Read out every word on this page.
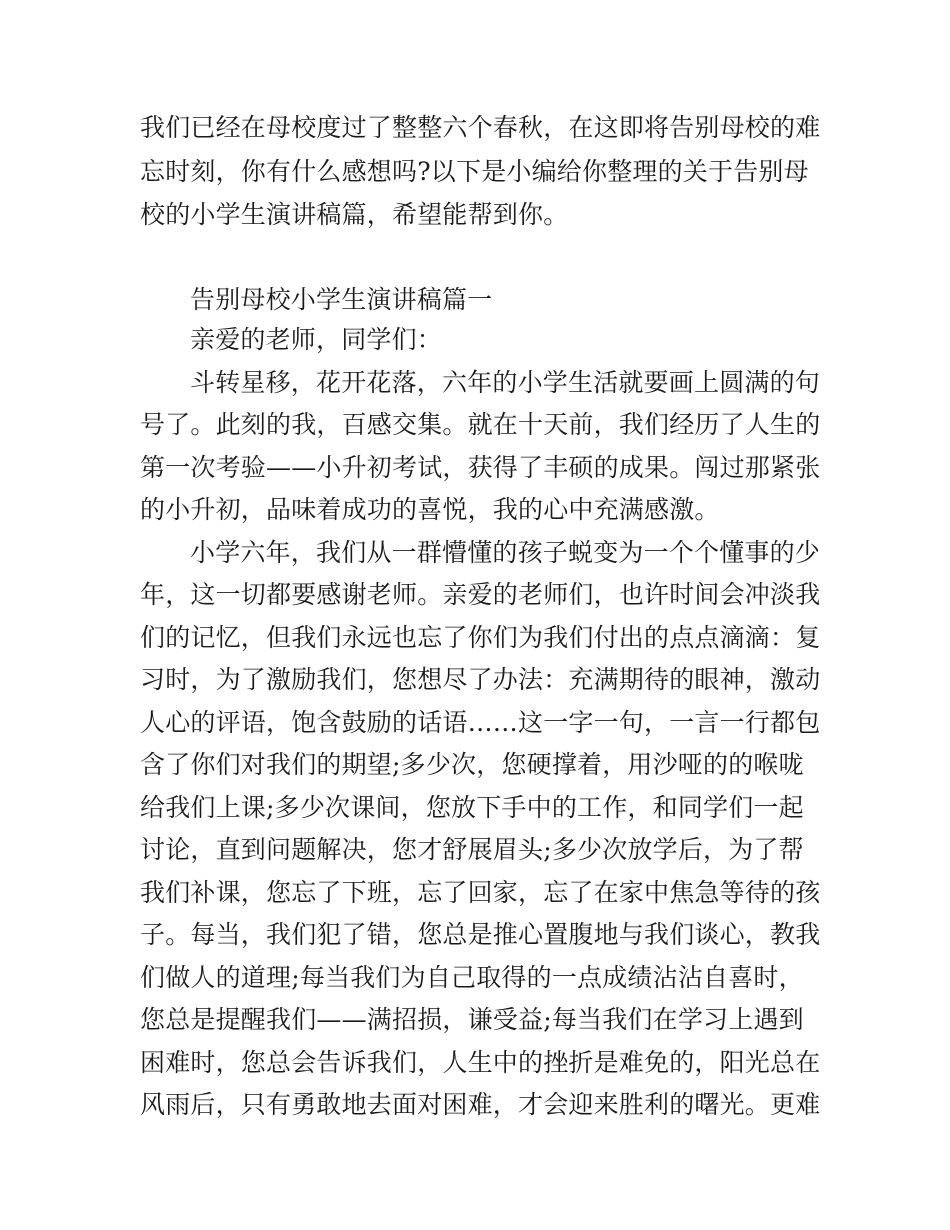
我们已经在母校度过了整整六个春秋，在这即将告别母校的难
忘时刻，你有什么感想吗?以下是小编给你整理的关于告别母
校的小学生演讲稿篇，希望能帮到你。
告别母校小学生演讲稿篇一
亲爱的老师，同学们：
斗转星移，花开花落，六年的小学生活就要画上圆满的句
号了。此刻的我，百感交集。就在十天前，我们经历了人生的
第一次考验——小升初考试，获得了丰硕的成果。闯过那紧张
的小升初，品味着成功的喜悦，我的心中充满感激。
小学六年，我们从一群懵懂的孩子蜕变为一个个懂事的少
年，这一切都要感谢老师。亲爱的老师们，也许时间会冲淡我
们的记忆，但我们永远也忘了你们为我们付出的点点滴滴：复
习时，为了激励我们，您想尽了办法：充满期待的眼神，激动
人心的评语，饱含鼓励的话语……这一字一句，一言一行都包
含了你们对我们的期望;多少次，您硬撑着，用沙哑的的喉咙
给我们上课;多少次课间，您放下手中的工作，和同学们一起
讨论，直到问题解决，您才舒展眉头;多少次放学后，为了帮
我们补课，您忘了下班，忘了回家，忘了在家中焦急等待的孩
子。每当，我们犯了错，您总是推心置腹地与我们谈心，教我
们做人的道理;每当我们为自己取得的一点成绩沾沾自喜时，
您总是提醒我们——满招损，谦受益;每当我们在学习上遇到
困难时，您总会告诉我们，人生中的挫折是难免的，阳光总在
风雨后，只有勇敢地去面对困难，才会迎来胜利的曙光。更难
